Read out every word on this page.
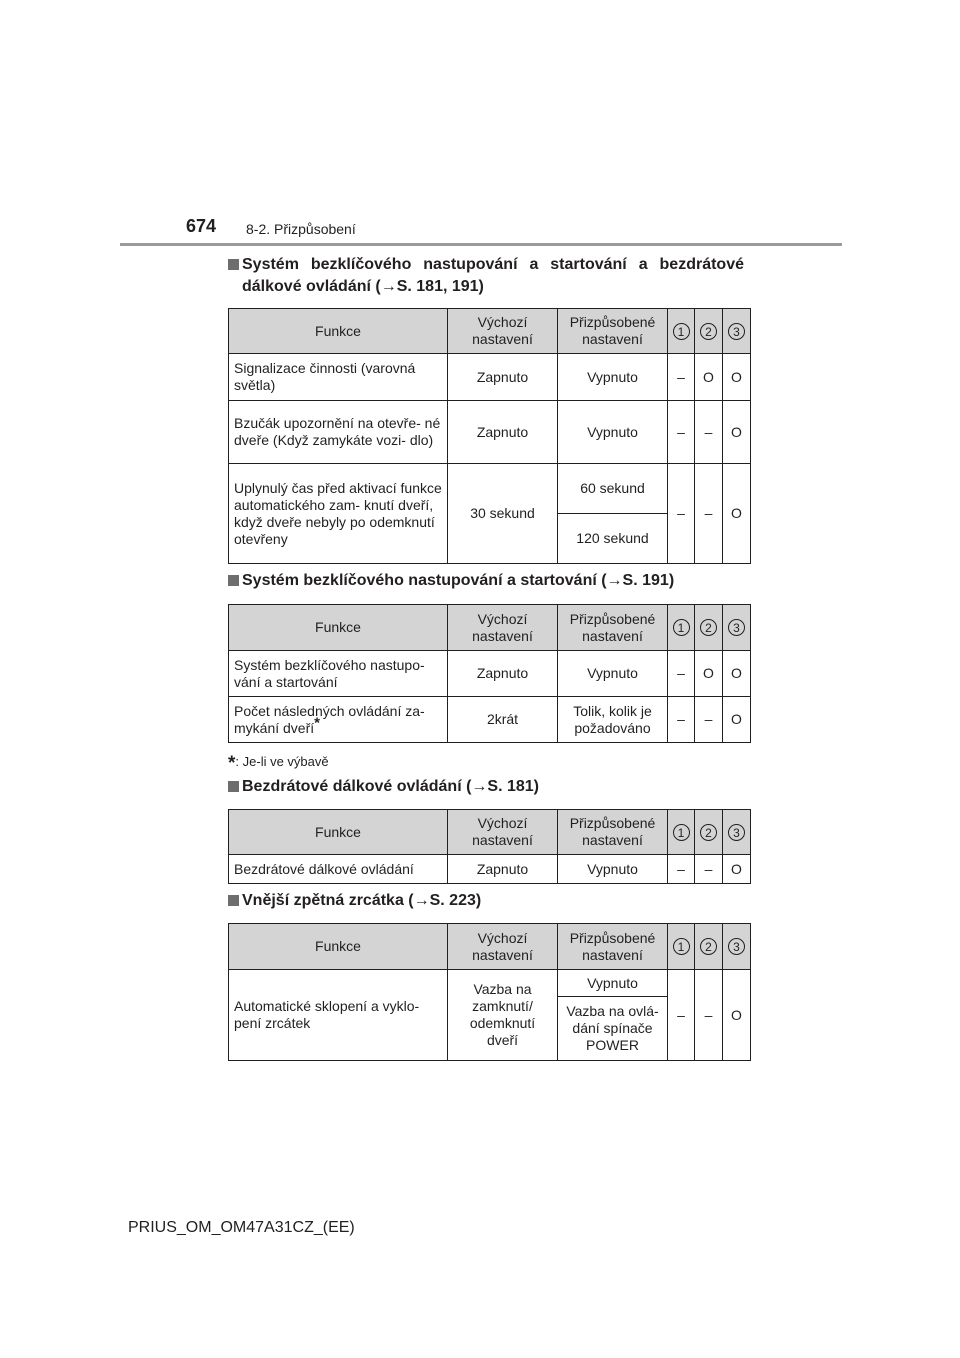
674 8-2. Přizpůsobení
Systém bezklíčového nastupování a startování a bezdrátové dálkové ovládání (→S. 181, 191)
Funkce	Výchozí nastavení	Přizpůsobené nastavení	1	2	3
Signalizace činnosti (varovná světla)	Zapnuto	Vypnuto	–	O	O
Bzučák upozornění na otevře- né dveře (Když zamykáte vozi- dlo)	Zapnuto	Vypnuto	–	–	O
Uplynulý čas před aktivací funkce automatického zam- knutí dveří, když dveře nebyly po odemknutí otevřeny	30 sekund	60 sekund	–	–	O
		120 sekund			
Systém bezklíčového nastupování a startování (→S. 191)
Funkce	Výchozí nastavení	Přizpůsobené nastavení	1	2	3
Systém bezklíčového nastupo- vání a startování	Zapnuto	Vypnuto	–	O	O
Počet následných ovládání za- mykání dveří*	2krát	Tolik, kolik je požadováno	–	–	O
*: Je-li ve výbavě
Bezdrátové dálkové ovládání (→S. 181)
Funkce	Výchozí nastavení	Přizpůsobené nastavení	1	2	3
Bezdrátové dálkové ovládání	Zapnuto	Vypnuto	–	–	O
Vnější zpětná zrcátka (→S. 223)
Funkce	Výchozí nastavení	Přizpůsobené nastavení	1	2	3
Automatické sklopení a vyklo- pení zrcátek	Vazba na zamknutí/ odemknutí dveří	Vypnuto	–	–	O
		Vazba na ovlá- dání spínače POWER			
PRIUS_OM_OM47A31CZ_(EE)
